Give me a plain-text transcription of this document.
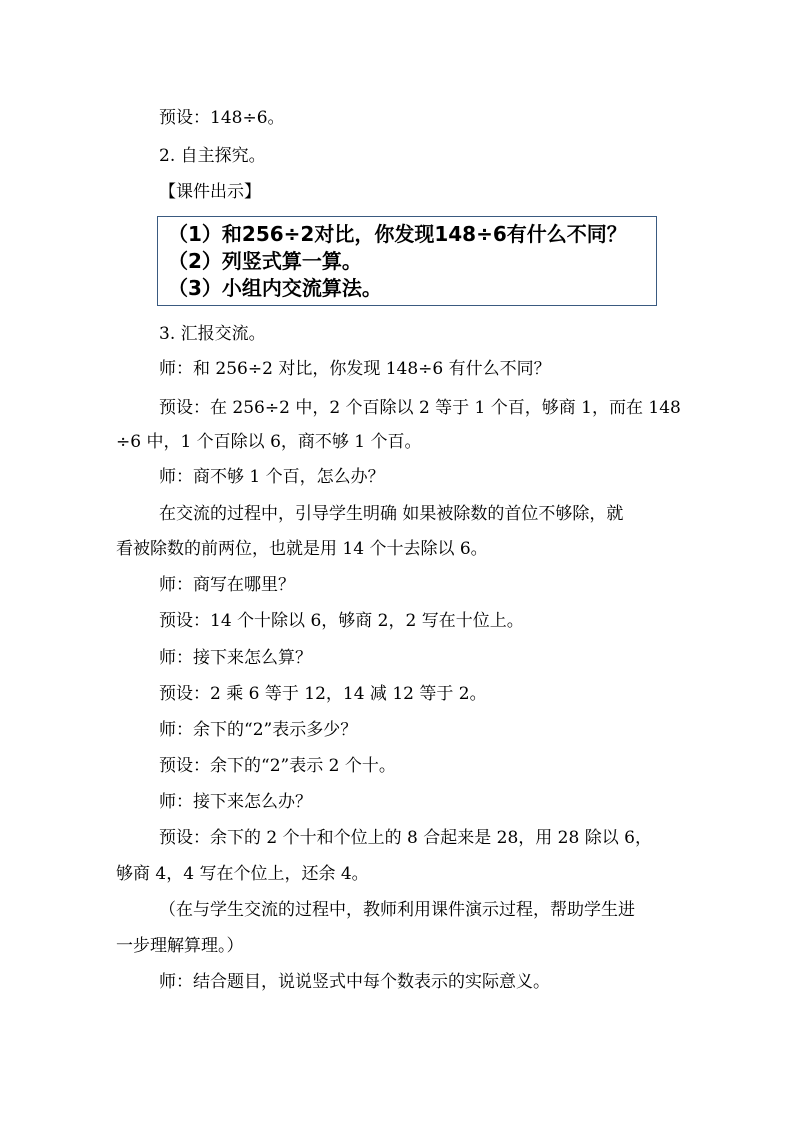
预设：148÷6。
2. 自主探究。
【课件出示】
（1）和256÷2对比，你发现148÷6有什么不同？
（2）列竖式算一算。
（3）小组内交流算法。
3. 汇报交流。
师：和 256÷2 对比，你发现 148÷6 有什么不同？
预设：在 256÷2 中，2 个百除以 2 等于 1 个百，够商 1，而在 148
÷6 中，1 个百除以 6，商不够 1 个百。
师：商不够 1 个百，怎么办？
在交流的过程中，引导学生明确 如果被除数的首位不够除，就
看被除数的前两位，也就是用 14 个十去除以 6。
师：商写在哪里？
预设：14 个十除以 6，够商 2，2 写在十位上。
师：接下来怎么算？
预设：2 乘 6 等于 12，14 减 12 等于 2。
师：余下的“2”表示多少？
预设：余下的“2”表示 2 个十。
师：接下来怎么办？
预设：余下的 2 个十和个位上的 8 合起来是 28，用 28 除以 6，
够商 4，4 写在个位上，还余 4。
（在与学生交流的过程中，教师利用课件演示过程，帮助学生进
一步理解算理。）
师：结合题目，说说竖式中每个数表示的实际意义。
